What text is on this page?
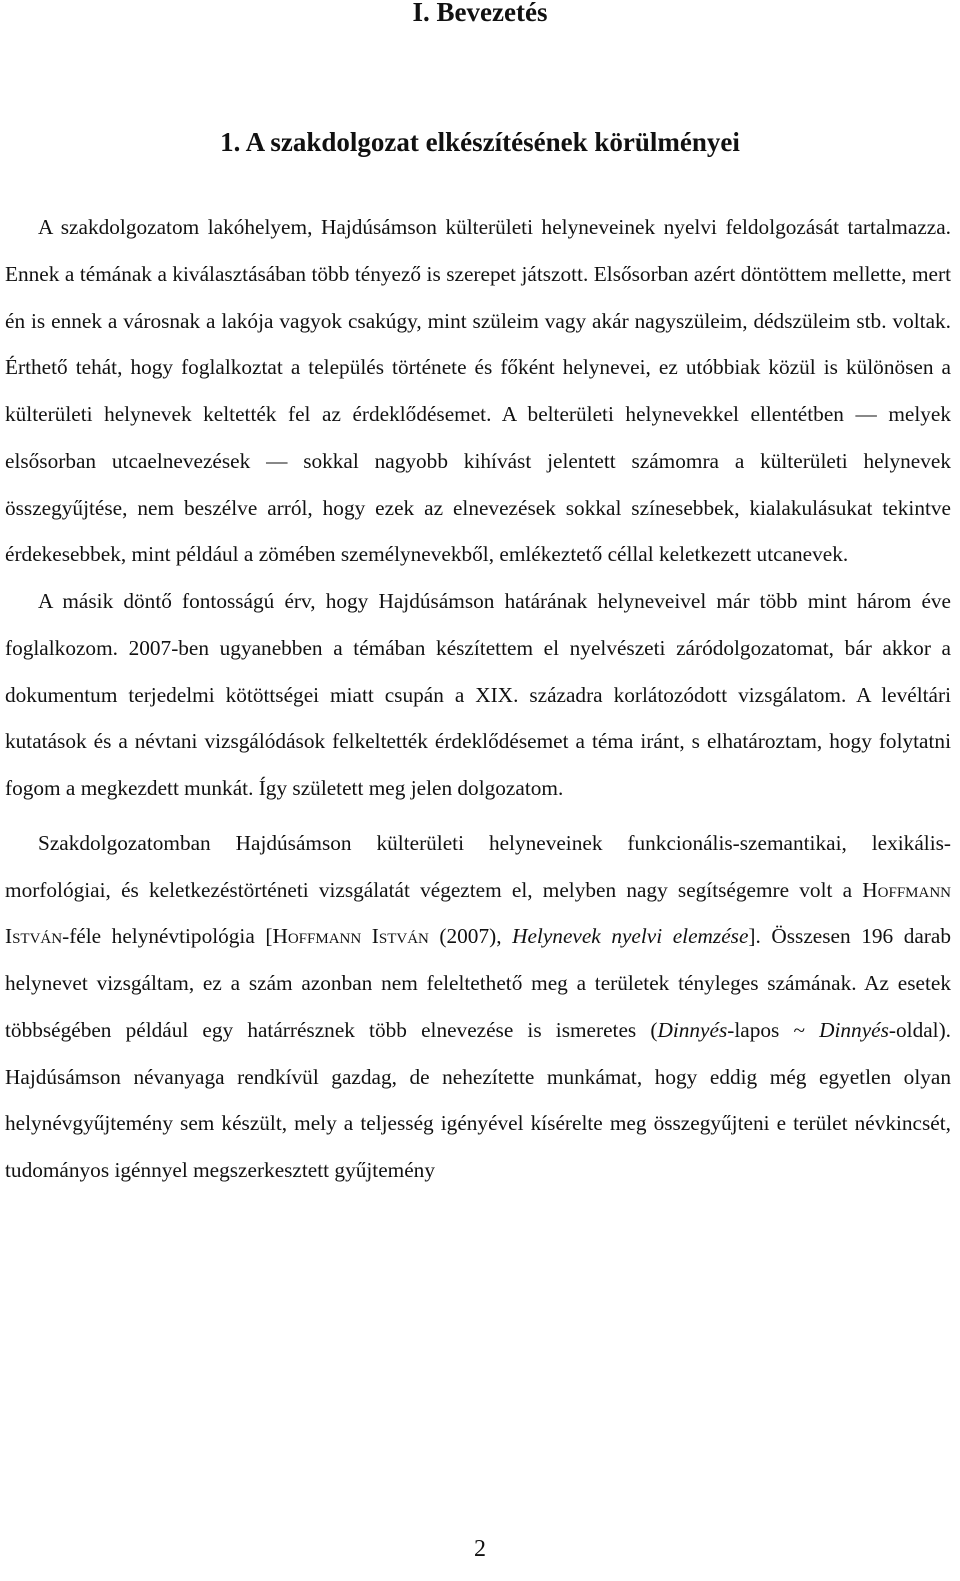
I. Bevezetés
1. A szakdolgozat elkészítésének körülményei

A szakdolgozatom lakóhelyem, Hajdúsámson külterületi helyneveinek nyelvi feldolgozását tartalmazza. Ennek a témának a kiválasztásában több tényező is szerepet játszott. Elsősorban azért döntöttem mellette, mert én is ennek a városnak a lakója vagyok csakúgy, mint szüleim vagy akár nagyszüleim, dédszüleim stb. voltak. Érthető tehát, hogy foglalkoztat a település története és főként helynevei, ez utóbbiak közül is különösen a külterületi helynevek keltették fel az érdeklődésemet. A belterületi helynevekkel ellentétben — melyek elsősorban utcaelnevezések — sokkal nagyobb kihívást jelentett számomra a külterületi helynevek összegyűjtése, nem beszélve arról, hogy ezek az elnevezések sokkal színesebbek, kialakulásukat tekintve érdekesebbek, mint például a zömében személynevekből, emlékeztető céllal keletkezett utcanevek.

A másik döntő fontosságú érv, hogy Hajdúsámson határának helyneveivel már több mint három éve foglalkozom. 2007-ben ugyanebben a témában készítettem el nyelvészeti záródolgozatomat, bár akkor a dokumentum terjedelmi kötöttségei miatt csupán a XIX. századra korlátozódott vizsgálatom. A levéltári kutatások és a névtani vizsgálódások felkeltették érdeklődésemet a téma iránt, s elhatároztam, hogy folytatni fogom a megkezdett munkát. Így született meg jelen dolgozatom.

Szakdolgozatomban Hajdúsámson külterületi helyneveinek funkcionális-szemantikai, lexikális-morfológiai, és keletkezéstörténeti vizsgálatát végeztem el, melyben nagy segítségemre volt a Hoffmann István-féle helynévtipológia [Hoffmann István (2007), Helynevek nyelvi elemzése]. Összesen 196 darab helynevet vizsgáltam, ez a szám azonban nem feleltethető meg a területek tényleges számának. Az esetek többségében például egy határrésznek több elnevezése is ismeretes (Dinnyés-lapos ~ Dinnyés-oldal). Hajdúsámson névanyaga rendkívül gazdag, de nehezítette munkámat, hogy eddig még egyetlen olyan helynévgyűjtemény sem készült, mely a teljesség igényével kísérelte meg összegyűjteni e terület névkincsét, tudományos igénnyel megszerkesztett gyűjtemény

2
